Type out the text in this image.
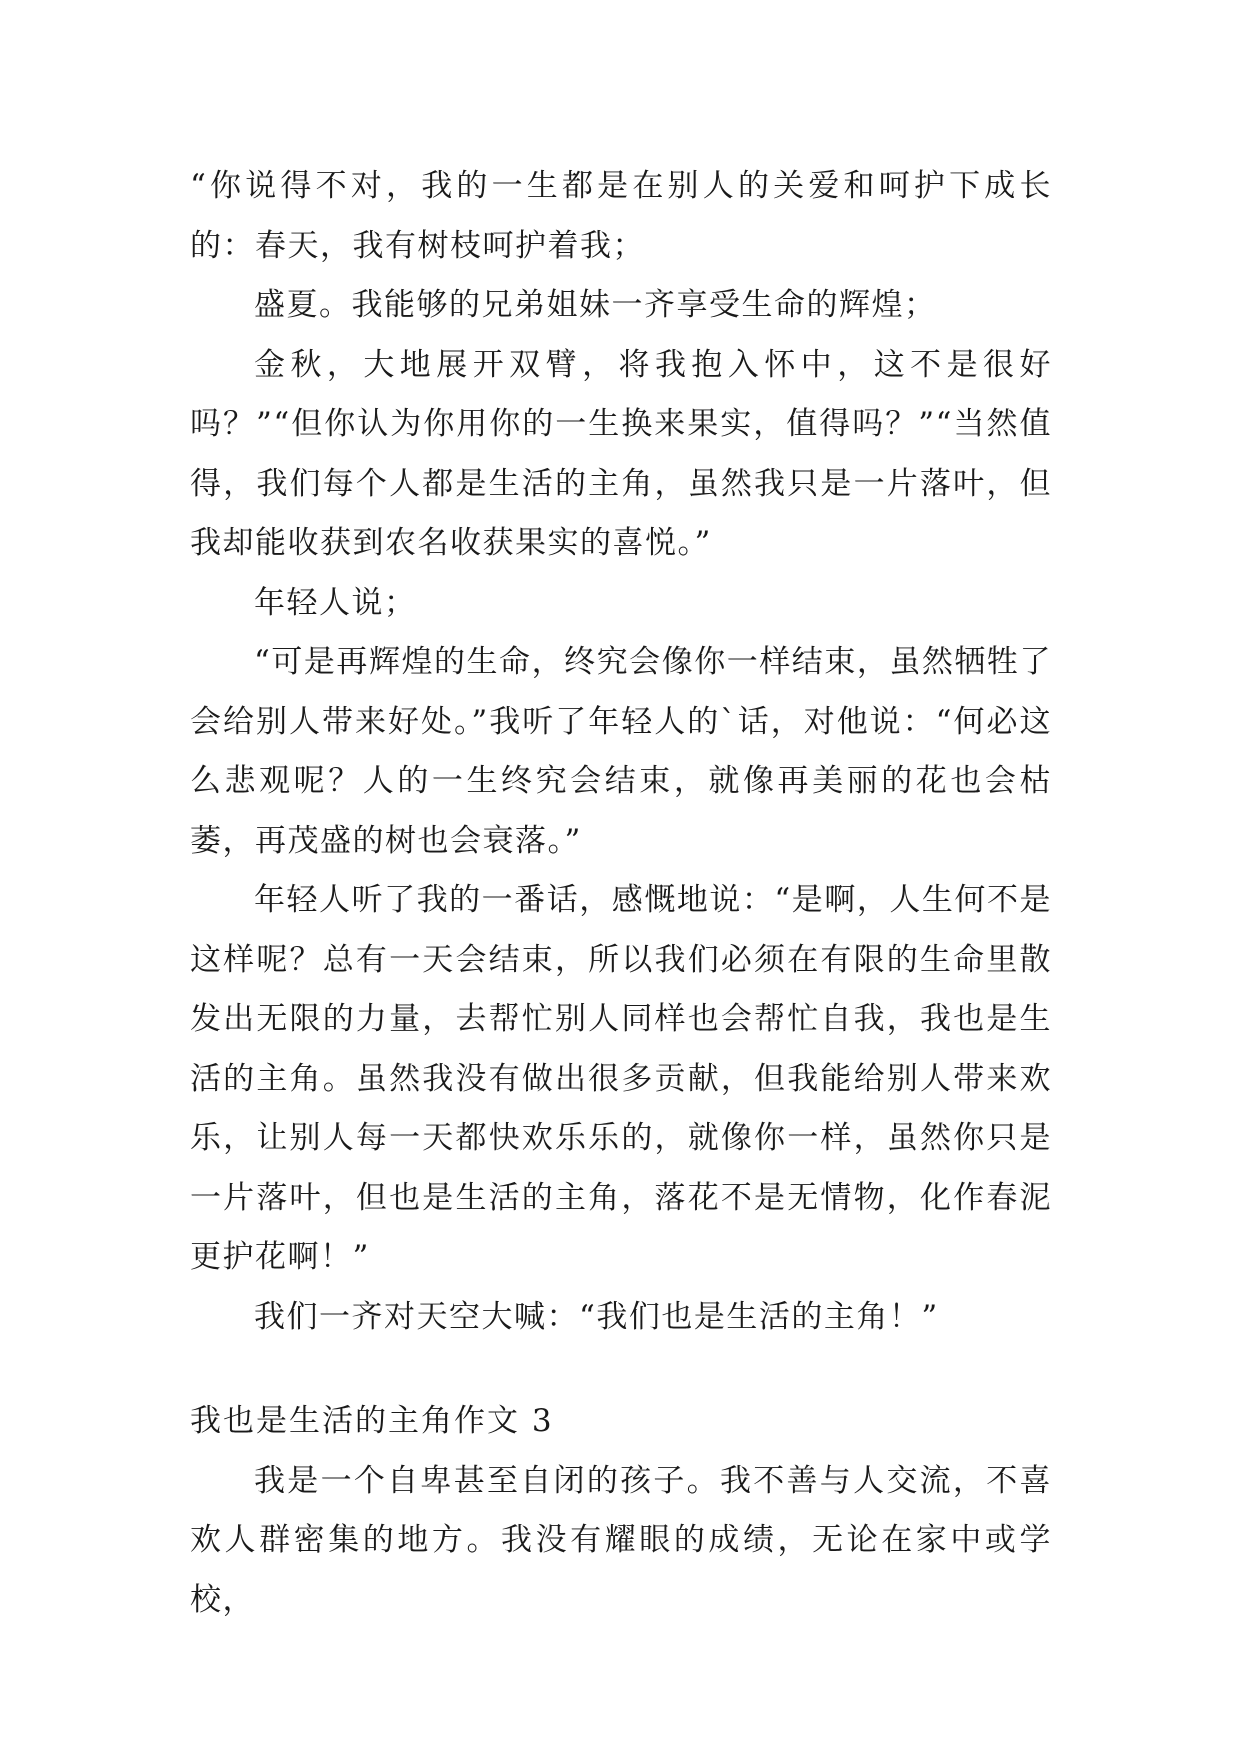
“你说得不对，我的一生都是在别人的关爱和呵护下成长的：春天，我有树枝呵护着我；

盛夏。我能够的兄弟姐妹一齐享受生命的辉煌；

金秋，大地展开双臂，将我抱入怀中，这不是很好吗？”“但你认为你用你的一生换来果实，值得吗？”“当然值得，我们每个人都是生活的主角，虽然我只是一片落叶，但我却能收获到农名收获果实的喜悦。”

年轻人说；

“可是再辉煌的生命，终究会像你一样结束，虽然牺牲了会给别人带来好处。”我听了年轻人的`话，对他说：“何必这么悲观呢？人的一生终究会结束，就像再美丽的花也会枯萎，再茂盛的树也会衰落。”

年轻人听了我的一番话，感慨地说：“是啊，人生何不是这样呢？总有一天会结束，所以我们必须在有限的生命里散发出无限的力量，去帮忙别人同样也会帮忙自我，我也是生活的主角。虽然我没有做出很多贡献，但我能给别人带来欢乐，让别人每一天都快欢乐乐的，就像你一样，虽然你只是一片落叶，但也是生活的主角，落花不是无情物，化作春泥更护花啊！”

我们一齐对天空大喊：“我们也是生活的主角！”

我也是生活的主角作文 3

我是一个自卑甚至自闭的孩子。我不善与人交流，不喜欢人群密集的地方。我没有耀眼的成绩，无论在家中或学校，
